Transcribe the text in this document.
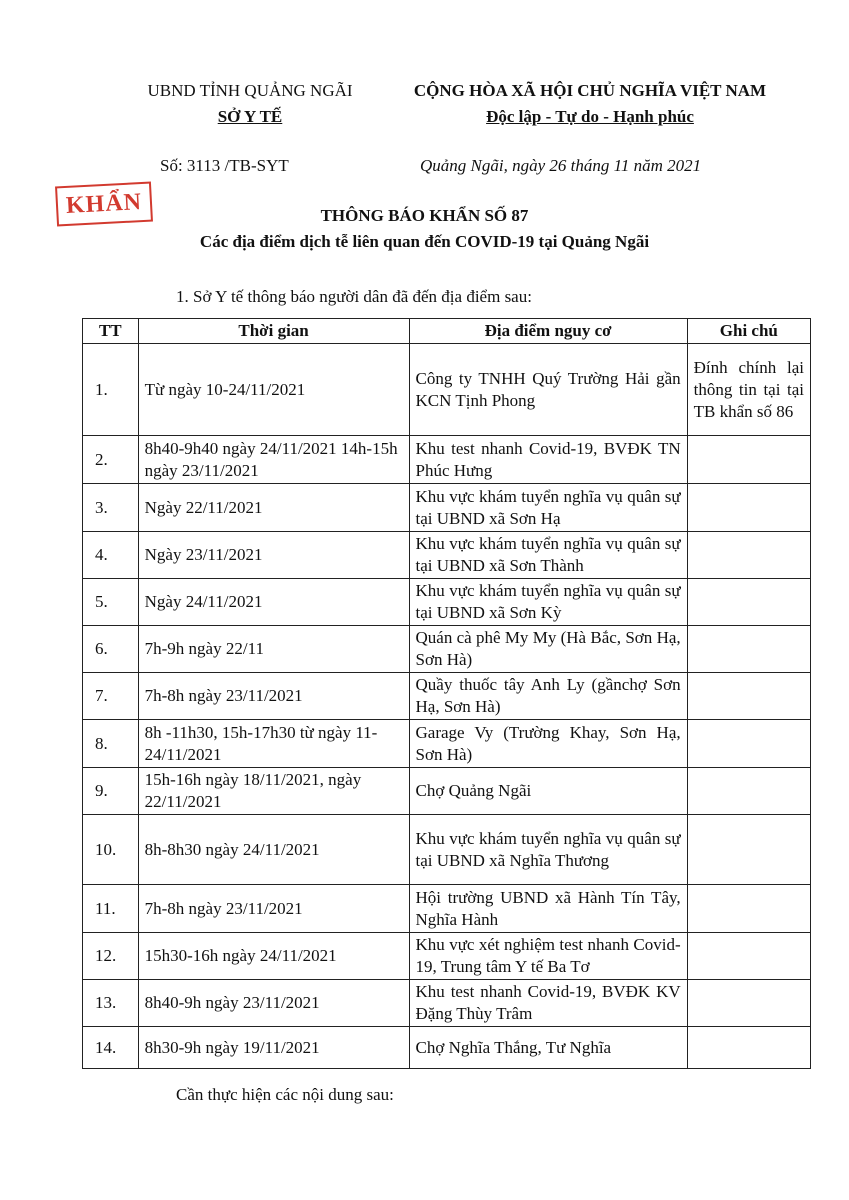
UBND TỈNH QUẢNG NGÃI
SỞ Y TẾ
CỘNG HÒA XÃ HỘI CHỦ NGHĨA VIỆT NAM
Độc lập - Tự do - Hạnh phúc
Số: 3113 /TB-SYT	Quảng Ngãi, ngày 26 tháng 11 năm 2021
KHẨN	THÔNG BÁO KHẨN SỐ 87
Các địa điểm dịch tễ liên quan đến COVID-19 tại Quảng Ngãi
1. Sở Y tế thông báo người dân đã đến địa điểm sau:
TT	Thời gian	Địa điểm nguy cơ	Ghi chú
1.	Từ ngày 10-24/11/2021	Công ty TNHH Quý Trường Hải gần KCN Tịnh Phong	Đính chính lại thông tin tại tại TB khẩn số 86
2.	8h40-9h40 ngày 24/11/2021 14h-15h ngày 23/11/2021	Khu test nhanh Covid-19, BVĐK TN Phúc Hưng	
3.	Ngày 22/11/2021	Khu vực khám tuyển nghĩa vụ quân sự tại UBND xã Sơn Hạ	
4.	Ngày 23/11/2021	Khu vực khám tuyển nghĩa vụ quân sự tại UBND xã Sơn Thành	
5.	Ngày 24/11/2021	Khu vực khám tuyển nghĩa vụ quân sự tại UBND xã Sơn Kỳ	
6.	7h-9h ngày 22/11	Quán cà phê My My (Hà Bắc, Sơn Hạ, Sơn Hà)	
7.	7h-8h ngày 23/11/2021	Quầy thuốc tây Anh Ly (gầnchợ Sơn Hạ, Sơn Hà)	
8.	8h -11h30, 15h-17h30 từ ngày 11-24/11/2021	Garage Vy (Trường Khay, Sơn Hạ, Sơn Hà)	
9.	15h-16h ngày 18/11/2021, ngày 22/11/2021	Chợ Quảng Ngãi	
10.	8h-8h30 ngày 24/11/2021	Khu vực khám tuyển nghĩa vụ quân sự tại UBND xã Nghĩa Thương	
11.	7h-8h ngày 23/11/2021	Hội trường UBND xã Hành Tín Tây, Nghĩa Hành	
12.	15h30-16h ngày 24/11/2021	Khu vực xét nghiệm test nhanh Covid-19, Trung tâm Y tế Ba Tơ	
13.	8h40-9h ngày 23/11/2021	Khu test nhanh Covid-19, BVĐK KV Đặng Thùy Trâm	
14.	8h30-9h ngày 19/11/2021	Chợ Nghĩa Thắng, Tư Nghĩa	
Cần thực hiện các nội dung sau:
